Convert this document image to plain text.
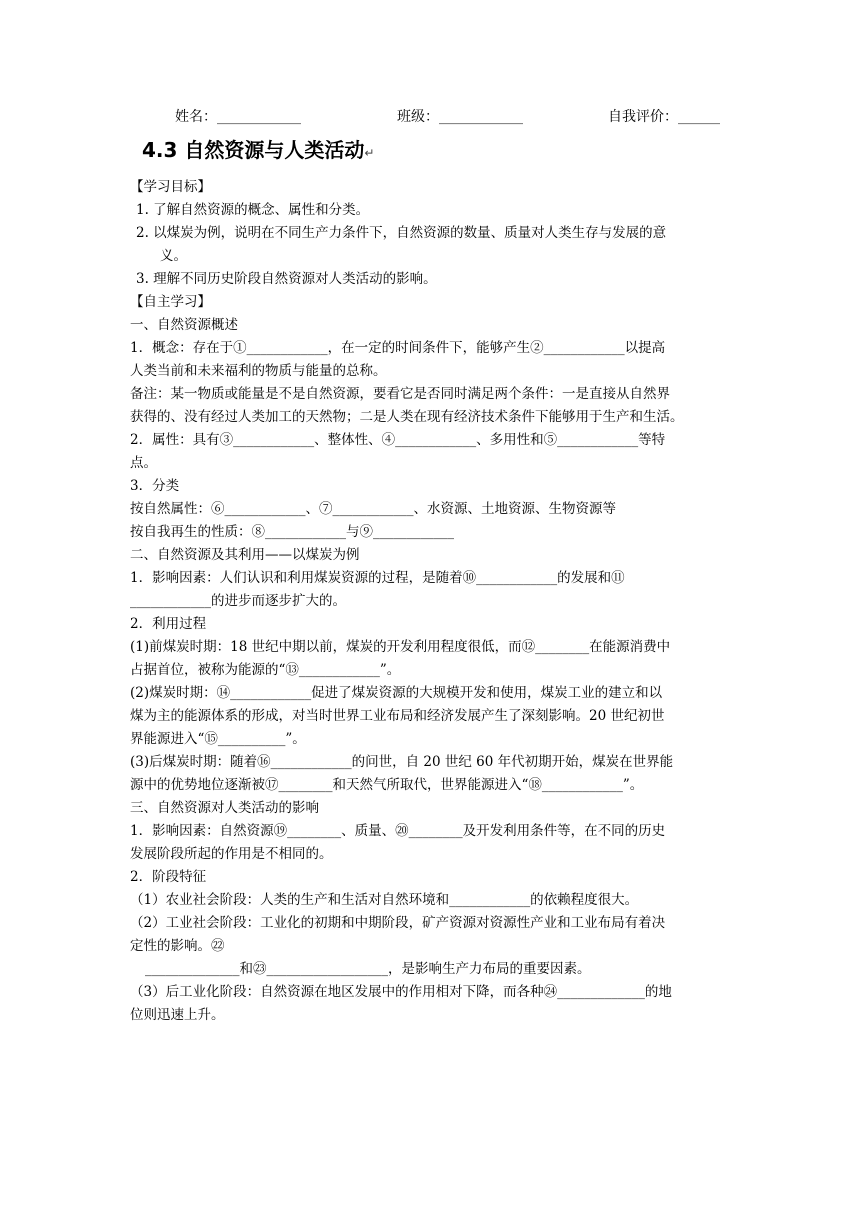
姓名：____________	班级：____________	自我评价：______
4.3 自然资源与人类活动↵
【学习目标】
1. 了解自然资源的概念、属性和分类。
2. 以煤炭为例，说明在不同生产力条件下，自然资源的数量、质量对人类生存与发展的意
义。
3. 理解不同历史阶段自然资源对人类活动的影响。
【自主学习】
一、自然资源概述
1．概念：存在于①____________，在一定的时间条件下，能够产生②____________以提高
人类当前和未来福利的物质与能量的总称。
备注：某一物质或能量是不是自然资源，要看它是否同时满足两个条件：一是直接从自然界
获得的、没有经过人类加工的天然物；二是人类在现有经济技术条件下能够用于生产和生活。
2．属性：具有③____________、整体性、④____________、多用性和⑤____________等特
点。
3．分类
按自然属性：⑥____________、⑦____________、水资源、土地资源、生物资源等
按自我再生的性质：⑧____________与⑨____________
二、自然资源及其利用——以煤炭为例
1．影响因素：人们认识和利用煤炭资源的过程，是随着⑩____________的发展和⑪
____________的进步而逐步扩大的。
2．利用过程
(1)前煤炭时期：18 世纪中期以前，煤炭的开发利用程度很低，而⑫________在能源消费中
占据首位，被称为能源的“⑬____________”。
(2)煤炭时期：⑭____________促进了煤炭资源的大规模开发和使用，煤炭工业的建立和以
煤为主的能源体系的形成，对当时世界工业布局和经济发展产生了深刻影响。20 世纪初世
界能源进入“⑮__________”。
(3)后煤炭时期：随着⑯____________的问世，自 20 世纪 60 年代初期开始，煤炭在世界能
源中的优势地位逐渐被⑰________和天然气所取代，世界能源进入“⑱____________”。
三、自然资源对人类活动的影响
1．影响因素：自然资源⑲________、质量、⑳________及开发利用条件等，在不同的历史
发展阶段所起的作用是不相同的。
2．阶段特征
（1）农业社会阶段：人类的生产和生活对自然环境和____________的依赖程度很大。
（2）工业社会阶段：工业化的初期和中期阶段，矿产资源对资源性产业和工业布局有着决
定性的影响。㉒
______________和㉓__________________，是影响生产力布局的重要因素。
（3）后工业化阶段：自然资源在地区发展中的作用相对下降，而各种㉔_____________的地
位则迅速上升。
